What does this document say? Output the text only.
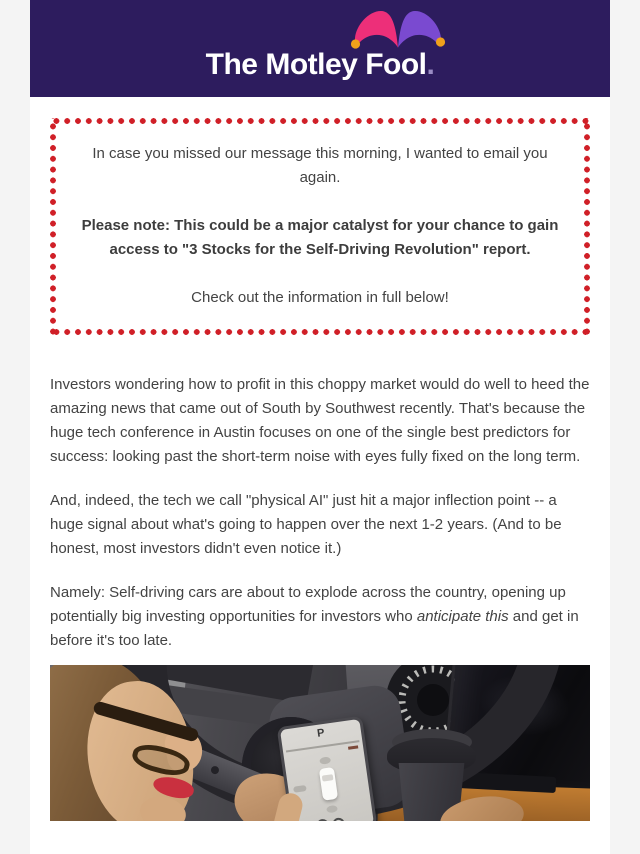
The Motley Fool.

In case you missed our message this morning, I wanted to email you again.

Please note: This could be a major catalyst for your chance to gain access to "3 Stocks for the Self-Driving Revolution" report.

Check out the information in full below!

Investors wondering how to profit in this choppy market would do well to heed the amazing news that came out of South by Southwest recently. That's because the huge tech conference in Austin focuses on one of the single best predictors for success: looking past the short-term noise with eyes fully fixed on the long term.

And, indeed, the tech we call "physical AI" just hit a major inflection point -- a huge signal about what's going to happen over the next 1-2 years. (And to be honest, most investors didn't even notice it.)

Namely: Self-driving cars are about to explode across the country, opening up potentially big investing opportunities for investors who anticipate this and get in before it's too late.

P
